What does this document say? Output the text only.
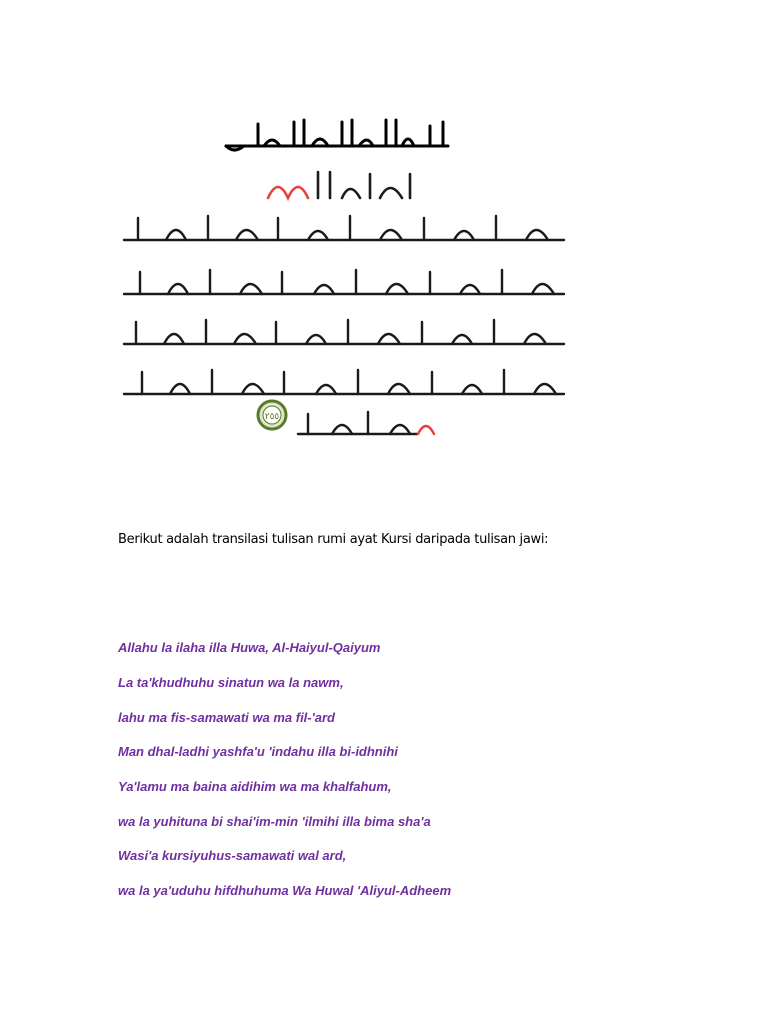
٢٥٥

Berikut adalah transilasi tulisan rumi ayat Kursi daripada tulisan jawi:

Allahu la ilaha illa Huwa, Al-Haiyul-Qaiyum
La ta'khudhuhu sinatun wa la nawm,
lahu ma fis-samawati wa ma fil-'ard
Man dhal-ladhi yashfa'u 'indahu illa bi-idhnihi
Ya'lamu ma baina aidihim wa ma khalfahum,
wa la yuhituna bi shai'im-min 'ilmihi illa bima sha'a
Wasi'a kursiyuhus-samawati wal ard,
wa la ya'uduhu hifdhuhuma Wa Huwal 'Aliyul-Adheem
